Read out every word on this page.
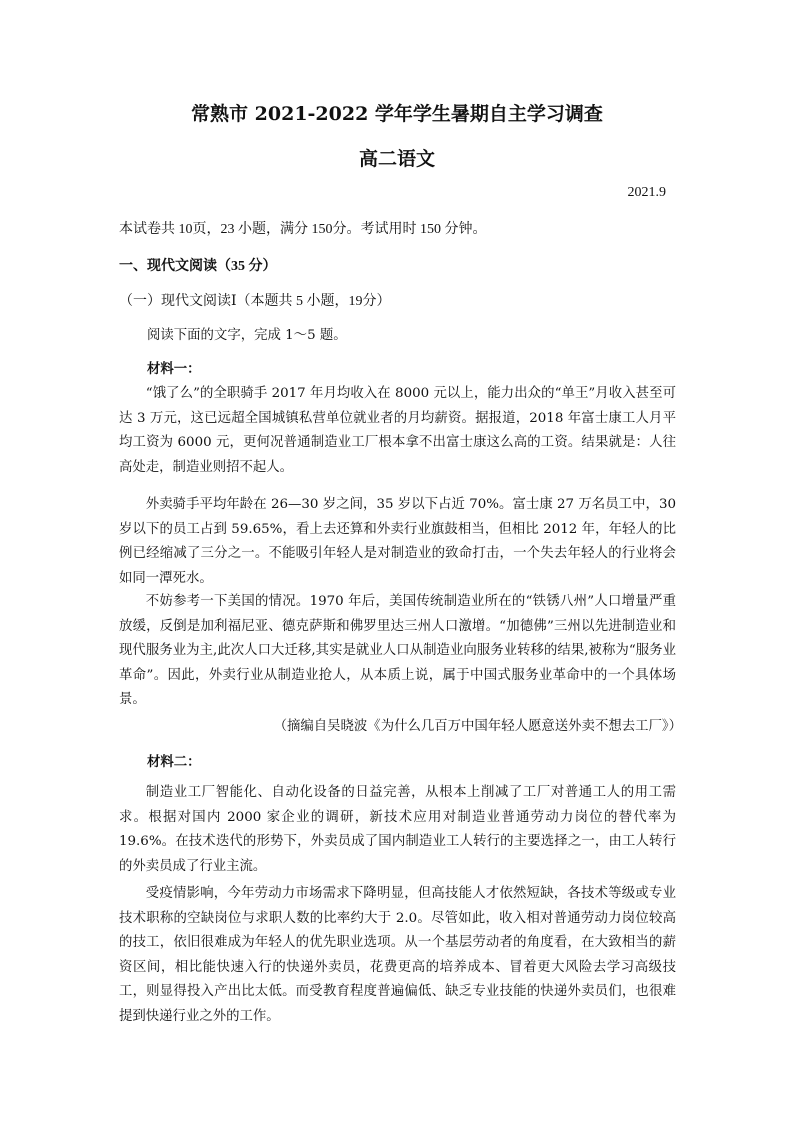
常熟市 2021-2022 学年学生暑期自主学习调查
高二语文
2021.9
本试卷共 10页，23 小题，满分 150分。考试用时 150 分钟。
一、现代文阅读（35 分）
（一）现代文阅读Ⅰ（本题共 5 小题，19分）
阅读下面的文字，完成 1～5 题。
材料一：

“饿了么”的全职骑手 2017 年月均收入在 8000 元以上，能力出众的“单王”月收入甚至可达 3 万元，这已远超全国城镇私营单位就业者的月均薪资。据报道，2018 年富士康工人月平均工资为 6000 元，更何况普通制造业工厂根本拿不出富士康这么高的工资。结果就是：人往高处走，制造业则招不起人。

外卖骑手平均年龄在 26—30 岁之间，35 岁以下占近 70%。富士康 27 万名员工中，30 岁以下的员工占到 59.65%，看上去还算和外卖行业旗鼓相当，但相比 2012 年，年轻人的比例已经缩减了三分之一。不能吸引年轻人是对制造业的致命打击，一个失去年轻人的行业将会如同一潭死水。

不妨参考一下美国的情况。1970 年后，美国传统制造业所在的“铁锈八州”人口增量严重放缓，反倒是加利福尼亚、德克萨斯和佛罗里达三州人口激增。“加德佛”三州以先进制造业和现代服务业为主,此次人口大迁移,其实是就业人口从制造业向服务业转移的结果,被称为“服务业革命”。因此，外卖行业从制造业抢人，从本质上说，属于中国式服务业革命中的一个具体场景。

（摘编自吴晓波《为什么几百万中国年轻人愿意送外卖不想去工厂》）
材料二：

制造业工厂智能化、自动化设备的日益完善，从根本上削减了工厂对普通工人的用工需求。根据对国内 2000 家企业的调研，新技术应用对制造业普通劳动力岗位的替代率为 19.6%。在技术迭代的形势下，外卖员成了国内制造业工人转行的主要选择之一，由工人转行的外卖员成了行业主流。

受疫情影响，今年劳动力市场需求下降明显，但高技能人才依然短缺，各技术等级或专业技术职称的空缺岗位与求职人数的比率约大于 2.0。尽管如此，收入相对普通劳动力岗位较高的技工，依旧很难成为年轻人的优先职业选项。从一个基层劳动者的角度看，在大致相当的薪资区间，相比能快速入行的快递外卖员，花费更高的培养成本、冒着更大风险去学习高级技工，则显得投入产出比太低。而受教育程度普遍偏低、缺乏专业技能的快递外卖员们，也很难提到快递行业之外的工作。
